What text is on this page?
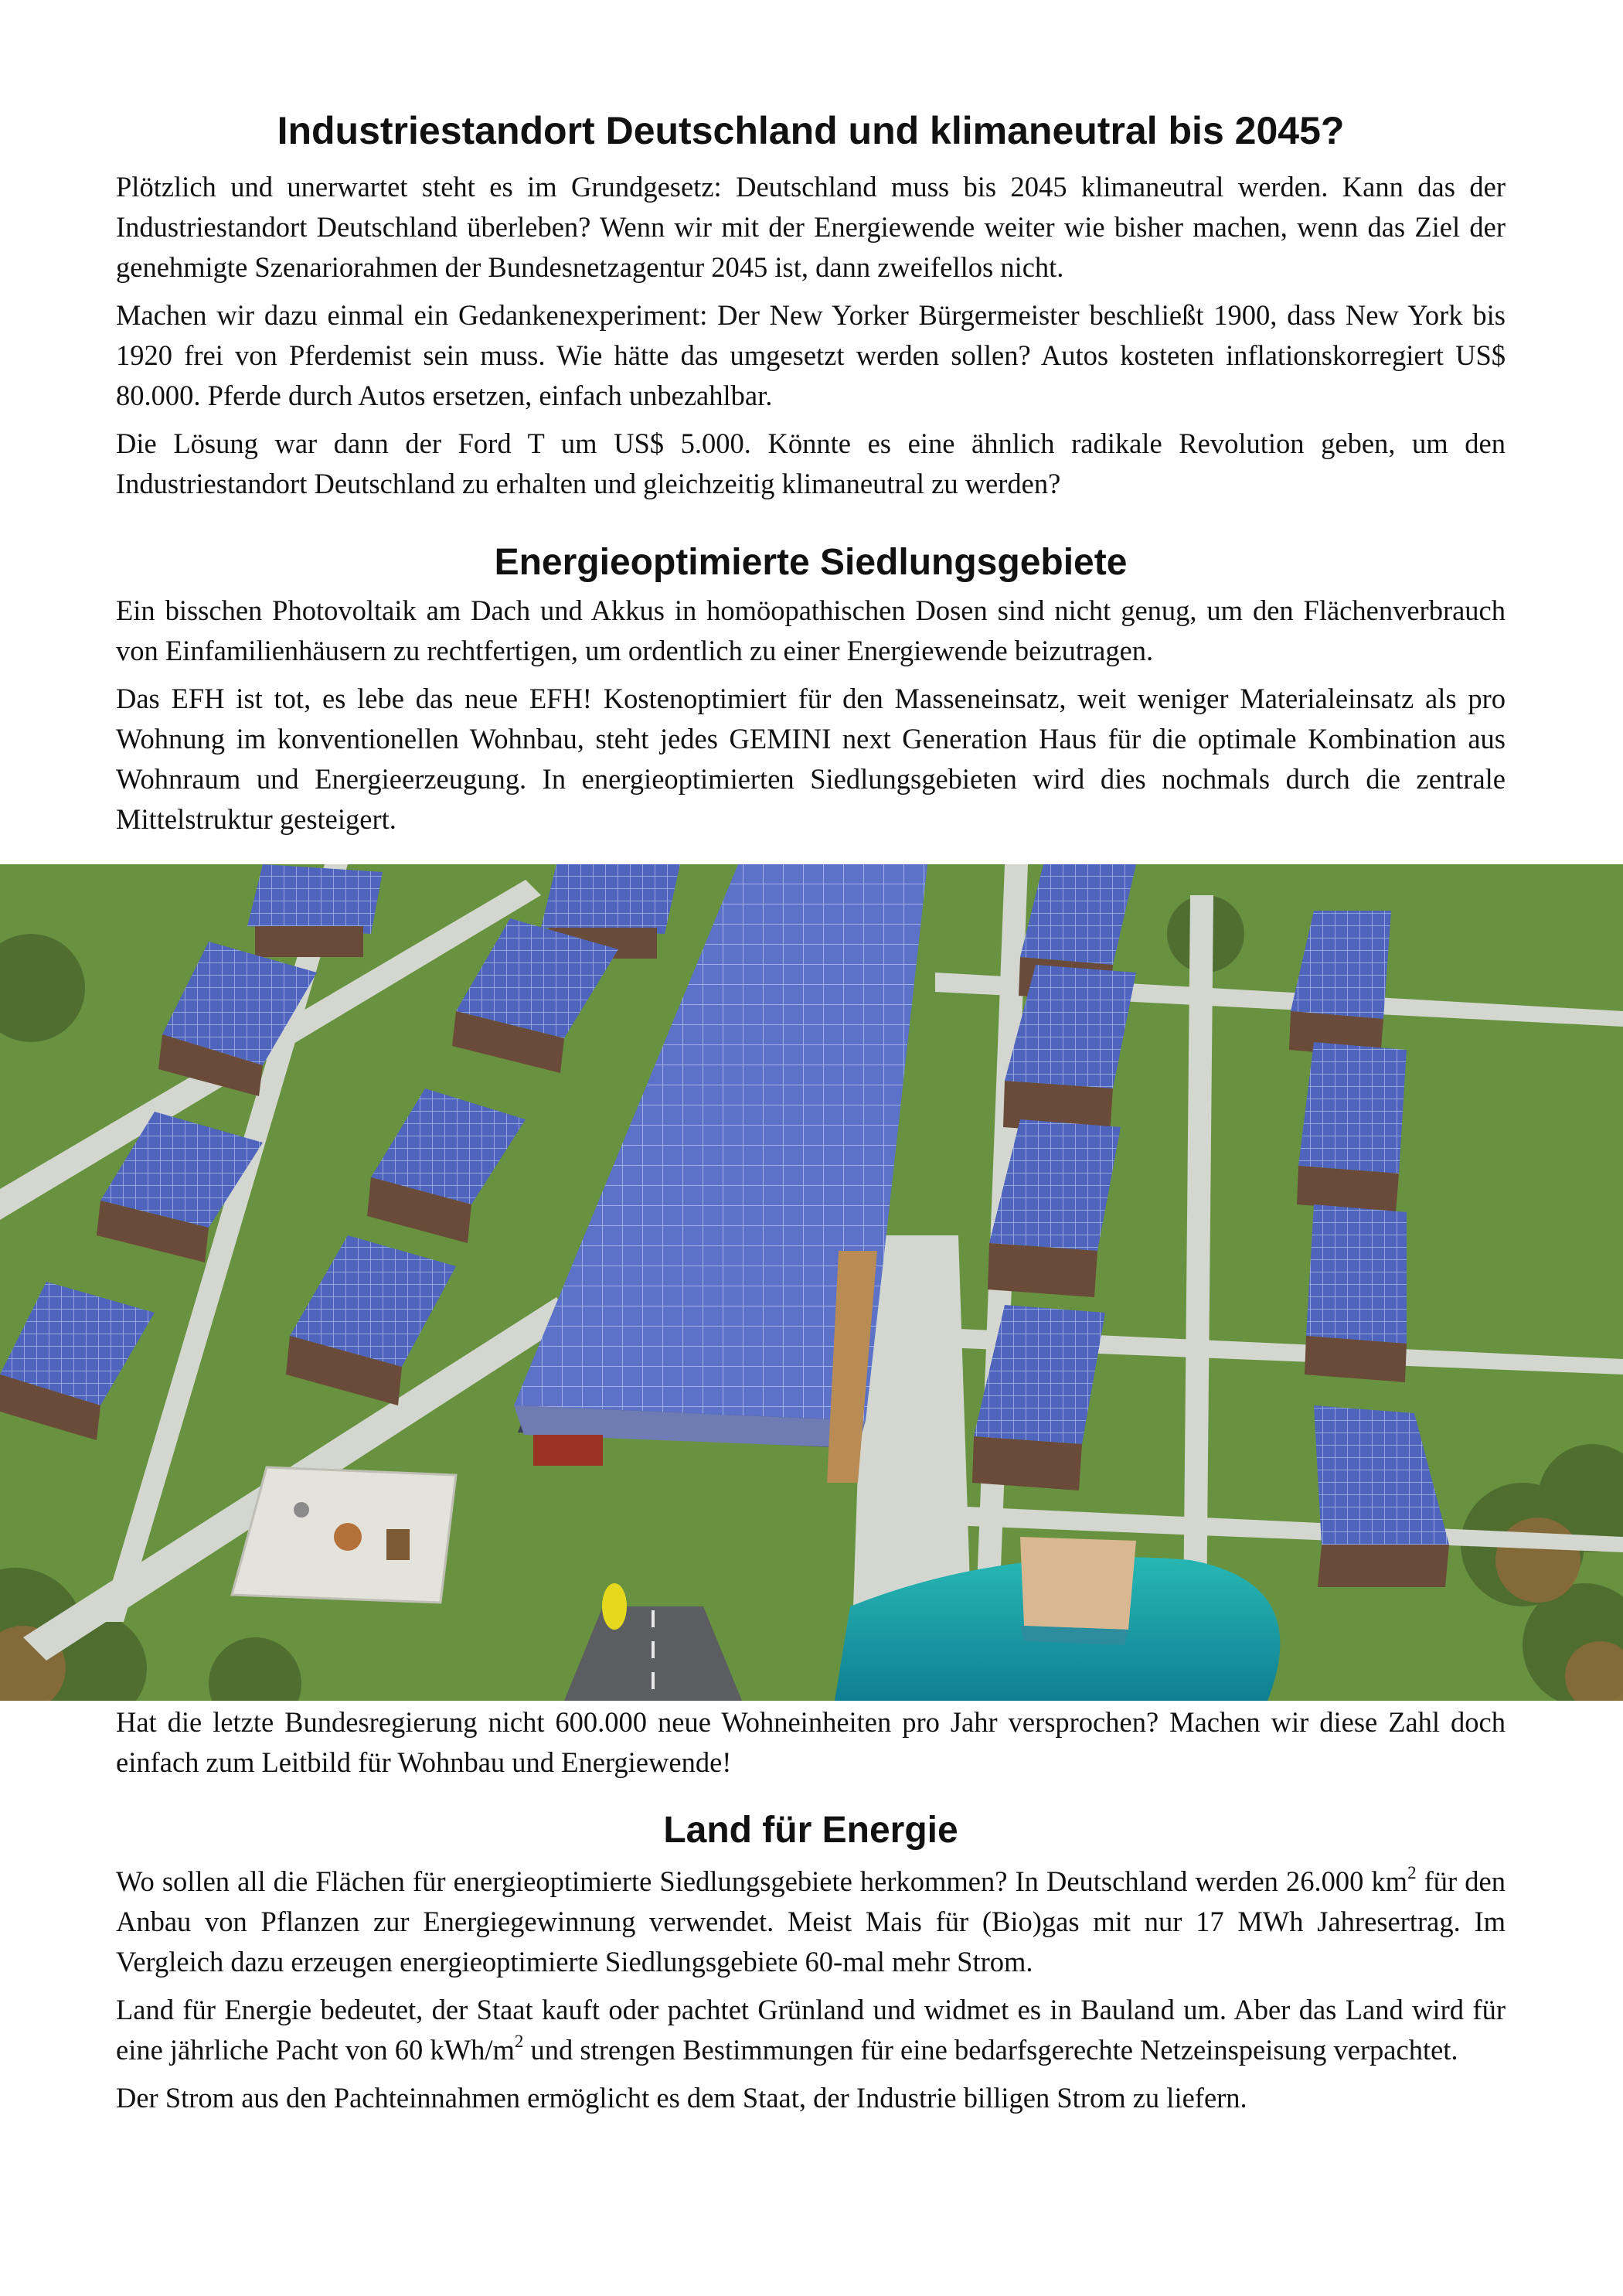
Industriestandort Deutschland und klimaneutral bis 2045?

Plötzlich und unerwartet steht es im Grundgesetz: Deutschland muss bis 2045 klimaneutral werden. Kann das der Industriestandort Deutschland überleben? Wenn wir mit der Energiewende weiter wie bisher machen, wenn das Ziel der genehmigte Szenariorahmen der Bundesnetzagentur 2045 ist, dann zweifellos nicht.

Machen wir dazu einmal ein Gedankenexperiment: Der New Yorker Bürgermeister beschließt 1900, dass New York bis 1920 frei von Pferdemist sein muss. Wie hätte das umgesetzt werden sollen? Autos kosteten inflationskorregiert US$ 80.000. Pferde durch Autos ersetzen, einfach unbezahlbar.

Die Lösung war dann der Ford T um US$ 5.000. Könnte es eine ähnlich radikale Revolution geben, um den Industriestandort Deutschland zu erhalten und gleichzeitig klimaneutral zu werden?

Energieoptimierte Siedlungsgebiete

Ein bisschen Photovoltaik am Dach und Akkus in homöopathischen Dosen sind nicht genug, um den Flächenverbrauch von Einfamilienhäusern zu rechtfertigen, um ordentlich zu einer Energiewende beizutragen.

Das EFH ist tot, es lebe das neue EFH! Kostenoptimiert für den Masseneinsatz, weit weniger Materialeinsatz als pro Wohnung im konventionellen Wohnbau, steht jedes GEMINI next Generation Haus für die optimale Kombination aus Wohnraum und Energieerzeugung. In energieoptimierten Siedlungsgebieten wird dies nochmals durch die zentrale Mittelstruktur gesteigert.

Hat die letzte Bundesregierung nicht 600.000 neue Wohneinheiten pro Jahr versprochen? Machen wir diese Zahl doch einfach zum Leitbild für Wohnbau und Energiewende!

Land für Energie

Wo sollen all die Flächen für energieoptimierte Siedlungsgebiete herkommen? In Deutschland werden 26.000 $km^2$ für den Anbau von Pflanzen zur Energiegewinnung verwendet. Meist Mais für (Bio)gas mit nur 17 MWh Jahresertrag. Im Vergleich dazu erzeugen energieoptimierte Siedlungsgebiete 60-mal mehr Strom.

Land für Energie bedeutet, der Staat kauft oder pachtet Grünland und widmet es in Bauland um. Aber das Land wird für eine jährliche Pacht von 60 kWh/$m^2$ und strengen Bestimmungen für eine bedarfsgerechte Netzeinspeisung verpachtet.

Der Strom aus den Pachteinnahmen ermöglicht es dem Staat, der Industrie billigen Strom zu liefern.
